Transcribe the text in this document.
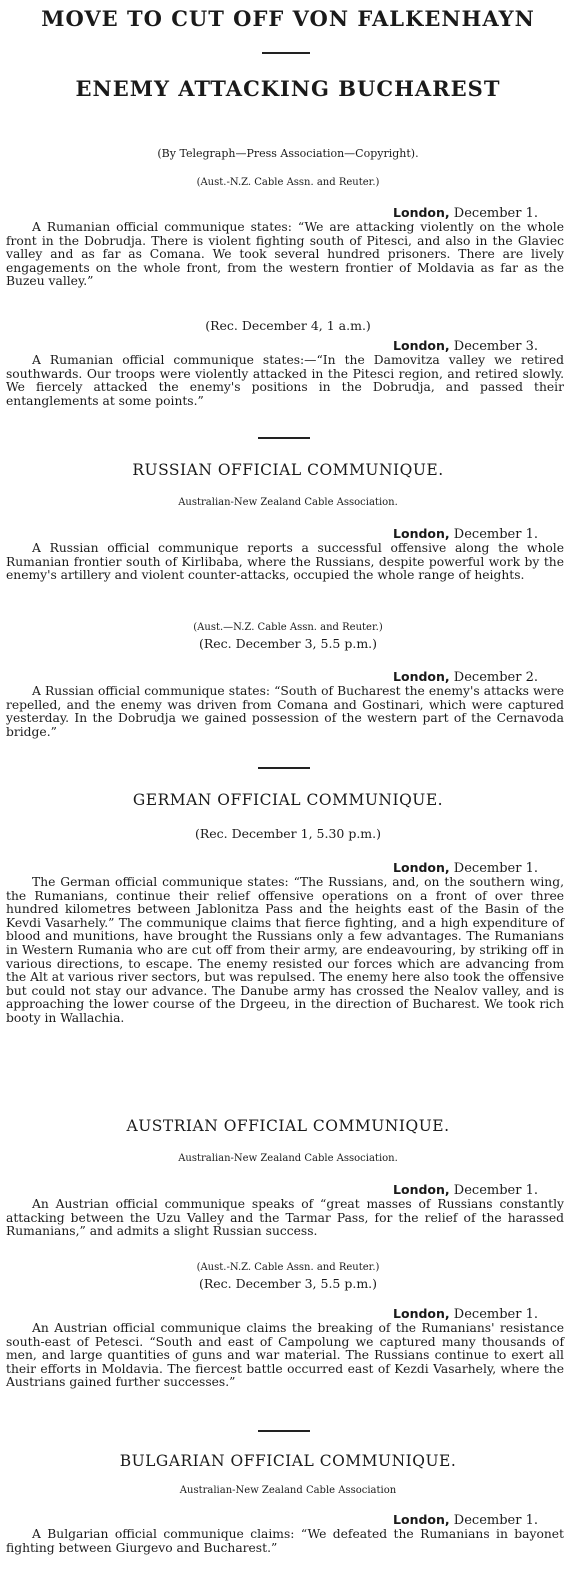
MOVE TO CUT OFF VON FALKENHAYN
ENEMY ATTACKING BUCHAREST
(By Telegraph—Press Association—Copyright).
(Aust.-N.Z. Cable Assn. and Reuter.)
London, December 1.

A Rumanian official communique states: “We are attacking violently on the whole front in the Dobrudja. There is violent fighting south of Pitesci, and also in the Glaviec valley and as far as Comana. We took several hundred prisoners. There are lively engagements on the whole front, from the western frontier of Moldavia as far as the Buzeu valley.”

(Rec. December 4, 1 a.m.)
London, December 3.

A Rumanian official communique states:—“In the Damovitza valley we retired southwards. Our troops were violently attacked in the Pitesci region, and retired slowly. We fiercely attacked the enemy's positions in the Dobrudja, and passed their entanglements at some points.”

RUSSIAN OFFICIAL COMMUNIQUE.
Australian-New Zealand Cable Association.
London, December 1.

A Russian official communique reports a successful offensive along the whole Rumanian frontier south of Kirlibaba, where the Russians, despite powerful work by the enemy's artillery and violent counter-attacks, occupied the whole range of heights.

(Aust.—N.Z. Cable Assn. and Reuter.)
(Rec. December 3, 5.5 p.m.)
London, December 2.

A Russian official communique states: “South of Bucharest the enemy's attacks were repelled, and the enemy was driven from Comana and Gostinari, which were captured yesterday. In the Dobrudja we gained possession of the western part of the Cernavoda bridge.”

GERMAN OFFICIAL COMMUNIQUE.
(Rec. December 1, 5.30 p.m.)
London, December 1.

The German official communique states: “The Russians, and, on the southern wing, the Rumanians, continue their relief offensive operations on a front of over three hundred kilometres between Jablonitza Pass and the heights east of the Basin of the Kevdi Vasarhely.” The communique claims that fierce fighting, and a high expenditure of blood and munitions, have brought the Russians only a few advantages. The Rumanians in Western Rumania who are cut off from their army, are endeavouring, by striking off in various directions, to escape. The enemy resisted our forces which are advancing from the Alt at various river sectors, but was repulsed. The enemy here also took the offensive but could not stay our advance. The Danube army has crossed the Nealov valley, and is approaching the lower course of the Drgeeu, in the direction of Bucharest. We took rich booty in Wallachia.

AUSTRIAN OFFICIAL COMMUNIQUE.
Australian-New Zealand Cable Association.
London, December 1.

An Austrian official communique speaks of “great masses of Russians constantly attacking between the Uzu Valley and the Tarmar Pass, for the relief of the harassed Rumanians,” and admits a slight Russian success.

(Aust.-N.Z. Cable Assn. and Reuter.)
(Rec. December 3, 5.5 p.m.)
London, December 1.

An Austrian official communique claims the breaking of the Rumanians' resistance south-east of Petesci. “South and east of Campolung we captured many thousands of men, and large quantities of guns and war material. The Russians continue to exert all their efforts in Moldavia. The fiercest battle occurred east of Kezdi Vasarhely, where the Austrians gained further successes.”

BULGARIAN OFFICIAL COMMUNIQUE.
Australian-New Zealand Cable Association
London, December 1.

A Bulgarian official communique claims: “We defeated the Rumanians in bayonet fighting between Giurgevo and Bucharest.”
